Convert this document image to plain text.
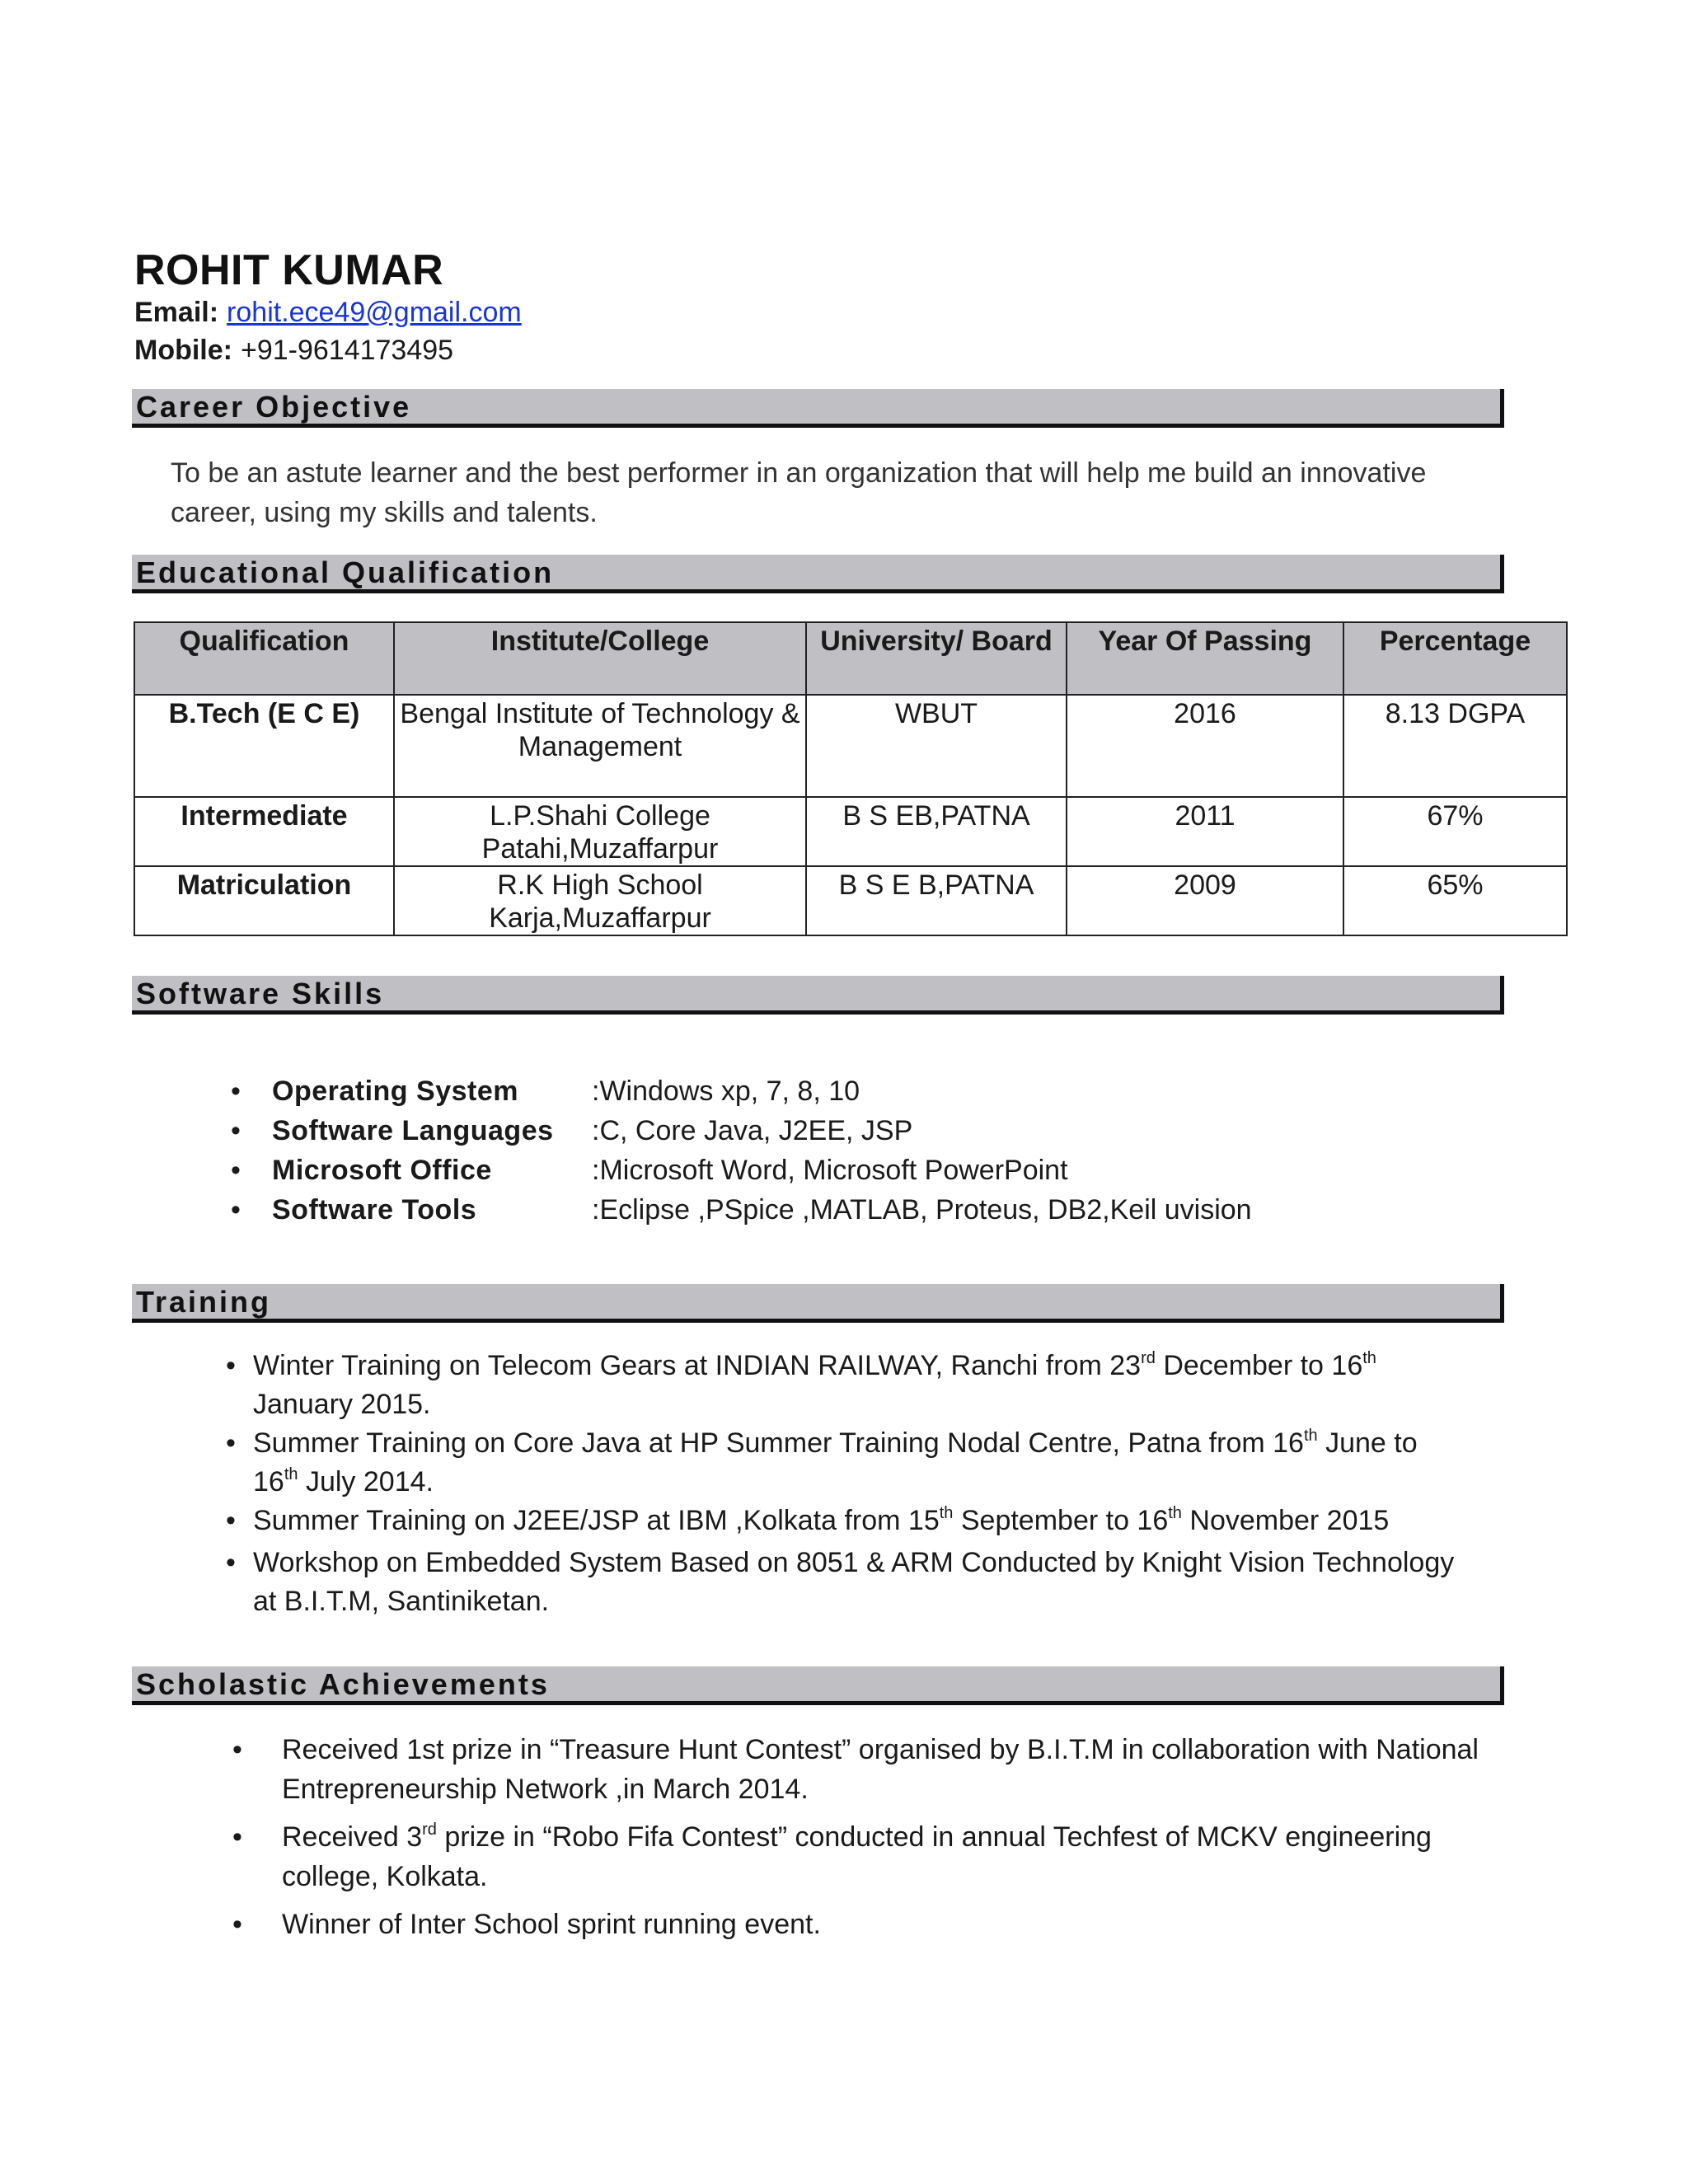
ROHIT KUMAR
Email: rohit.ece49@gmail.com
Mobile: +91-9614173495
Career Objective
To be an astute learner and the best performer in an organization that will help me build an innovative career, using my skills and talents.
Educational Qualification
Qualification	Institute/College	University/ Board	Year Of Passing	Percentage
B.Tech (E C E)	Bengal Institute of Technology & Management	WBUT	2016	8.13 DGPA
Intermediate	L.P.Shahi College Patahi,Muzaffarpur	B S EB,PATNA	2011	67%
Matriculation	R.K High School Karja,Muzaffarpur	B S E B,PATNA	2009	65%
Software Skills
• Operating System	:Windows xp, 7, 8, 10
• Software Languages :C, Core Java, J2EE, JSP
• Microsoft Office	:Microsoft Word, Microsoft PowerPoint
• Software Tools	:Eclipse ,PSpice ,MATLAB, Proteus, DB2,Keil uvision
Training
• Winter Training on Telecom Gears at INDIAN RAILWAY, Ranchi from 23rd December to 16th January 2015.
• Summer Training on Core Java at HP Summer Training Nodal Centre, Patna from 16th June to 16th July 2014.
• Summer Training on J2EE/JSP at IBM ,Kolkata from 15th September to 16th November 2015
• Workshop on Embedded System Based on 8051 & ARM Conducted by Knight Vision Technology at B.I.T.M, Santiniketan.
Scholastic Achievements
• Received 1st prize in “Treasure Hunt Contest” organised by B.I.T.M in collaboration with National Entrepreneurship Network ,in March 2014.
• Received 3rd prize in “Robo Fifa Contest” conducted in annual Techfest of MCKV engineering college, Kolkata.
• Winner of Inter School sprint running event.
